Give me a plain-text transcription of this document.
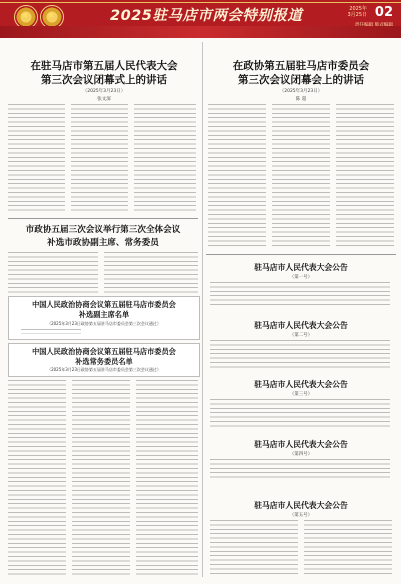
★ ★	2025驻马店市两会特别报道	2025年
3月25日 02
在驻马店市第五届人民代表大会
第三次会议闭幕式上的讲话
（2025年3月23日）
张文深
在政协第五届驻马店市委员会
第三次会议闭幕会上的讲话
（2025年3月23日）
陈 超
市政协五届三次会议举行第三次全体会议
补选市政协副主席、常务委员
中国人民政治协商会议第五届驻马店市委员会
补选副主席名单
（2025年3月23日政协第五届驻马店市委员会第三次会议通过）
中国人民政治协商会议第五届驻马店市委员会
补选常务委员名单
（2025年3月23日政协第五届驻马店市委员会第三次会议通过）
驻马店市人民代表大会公告
（第一号）
驻马店市人民代表大会公告
（第二号）
驻马店市人民代表大会公告
（第三号）
驻马店市人民代表大会公告
（第四号）
驻马店市人民代表大会公告
（第五号）
